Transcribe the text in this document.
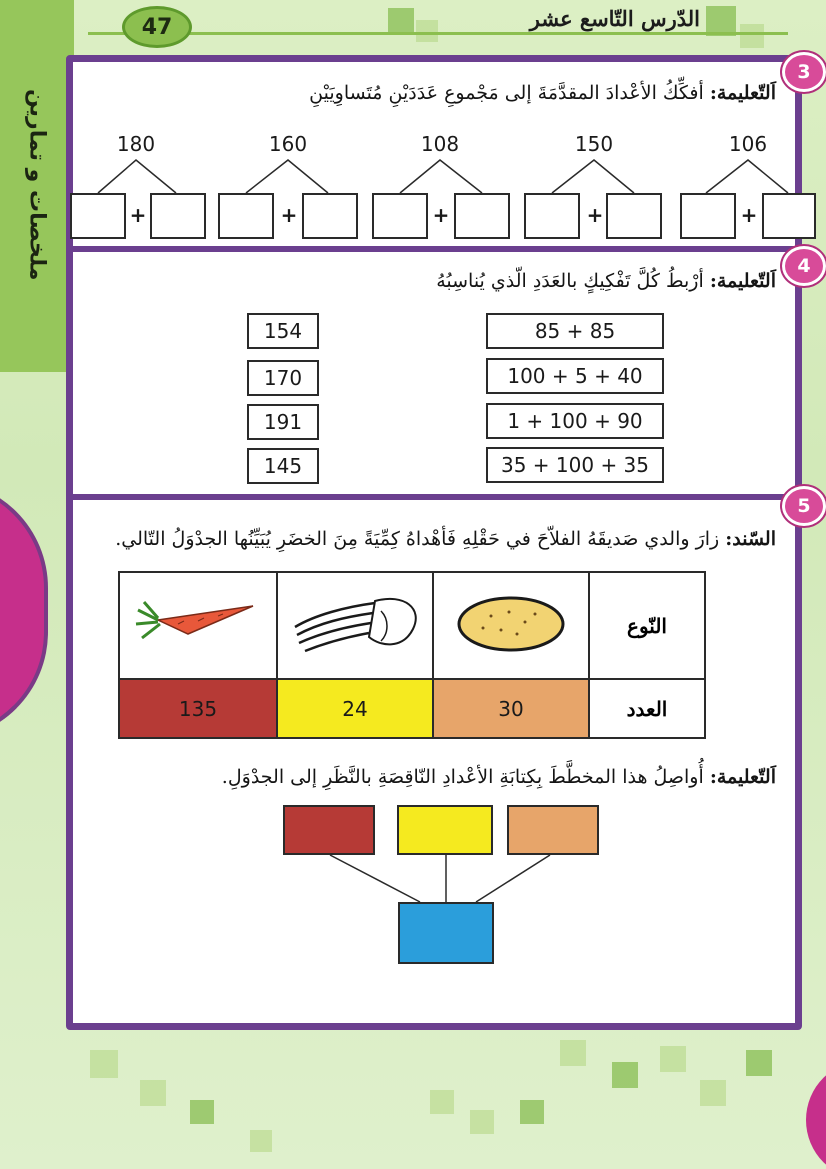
ملخصات و تمارين
47	الدّرس التّاسع عشر
3
اَلتّعليمة: أفكِّكُ الأعْدادَ المقدَّمَةَ إلى مَجْموعِ عَدَدَيْنِ مُتَساوِيَيْنِ
180	160	108	150	106
+	+	+	+	+
4
اَلتّعليمة: أرْبطُ كُلَّ تَفْكِيكٍ بالعَدَدِ الّذي يُناسِبُهُ
154
170
191
145
85 + 85
100 + 5 + 40
1 + 100 + 90
35 + 100 + 35
5
السّند: زارَ والدي صَديقَهُ الفلاّحَ في حَقْلِهِ فَأهْداهُ كِمِّيَةً مِنَ الخضَرِ يُبَيِّنُها الجدْوَلُ التّالي.
			النّوع
135	24	30	العدد
اَلتّعليمة: أُواصِلُ هذا المخطَّطَ بِكِتابَةِ الأعْدادِ النّاقِصَةِ بالنَّظَرِ إلى الجدْوَلِ.
